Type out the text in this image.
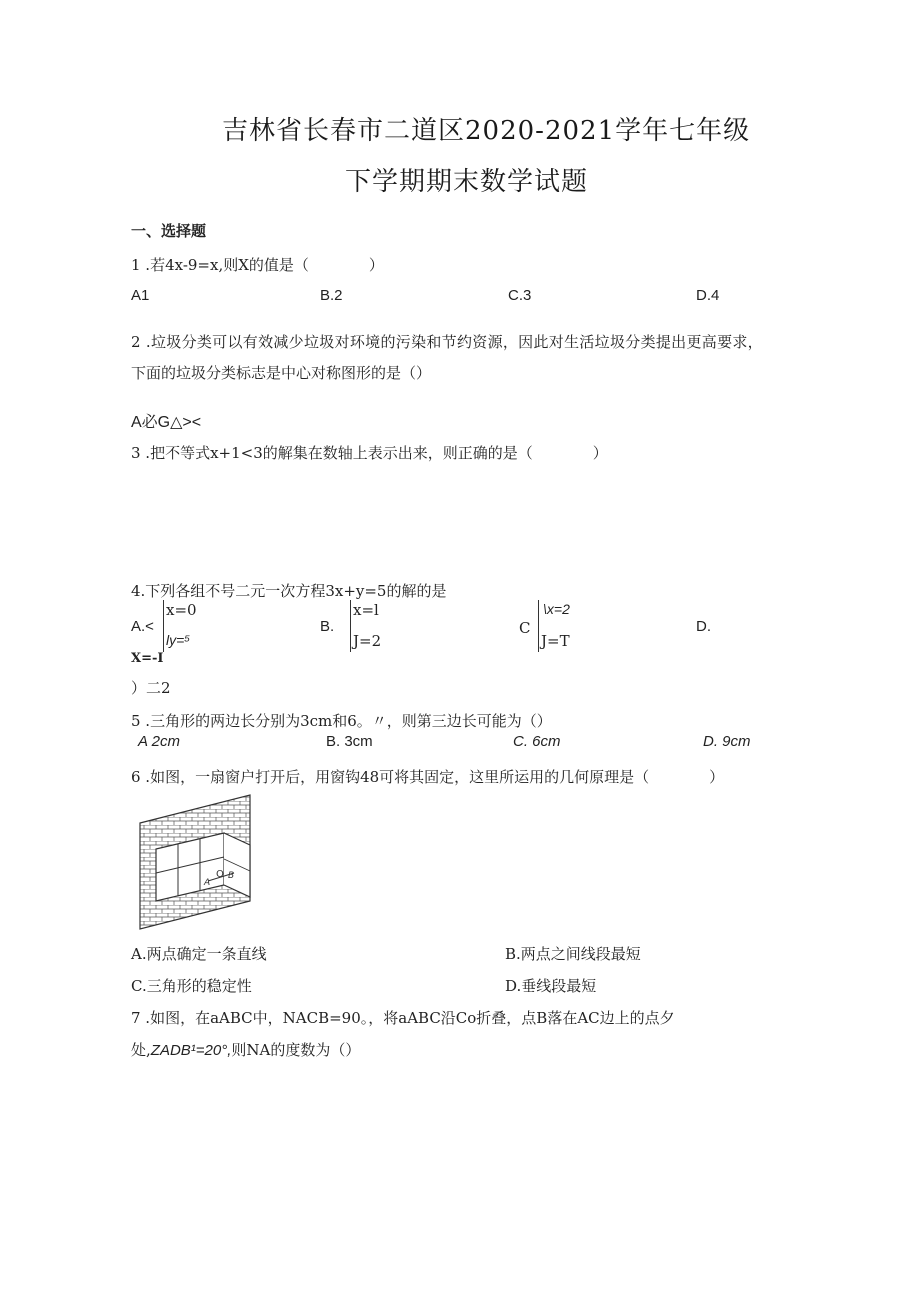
吉林省长春市二道区2020-2021学年七年级
下学期期末数学试题
一、选择题
1 .若4x-9=x,则X的值是（　　　　）
A1	B.2	C.3	D.4
2 .垃圾分类可以有效减少垃圾对环境的污染和节约资源，因此对生活垃圾分类提出更高要求，
下面的垃圾分类标志是中心对称图形的是（）
A必G△><
3 .把不等式x+1<3的解集在数轴上表示出来，则正确的是（　　　　）
4.下列各组不号二元一次方程3x+y=5的解的是
A.<
x=0
ly=⁵
B.
x=l
J=2
C
\x=2
J=T
D.
X=-I
）二2
5 .三角形的两边长分别为3cm和6。〃，则第三边长可能为（）
A 2cm	B. 3cm	C. 6cm	D. 9cm
6 .如图，一扇窗户打开后，用窗钩48可将其固定，这里所运用的几何原理是（　　　　）
A
O B
A.两点确定一条直线	B.两点之间线段最短
C.三角形的稳定性	D.垂线段最短
7 .如图，在aABC中，NACB=90。，将aABC沿Co折叠，点B落在AC边上的点夕
处,ZADB¹=20°,则NA的度数为（）
